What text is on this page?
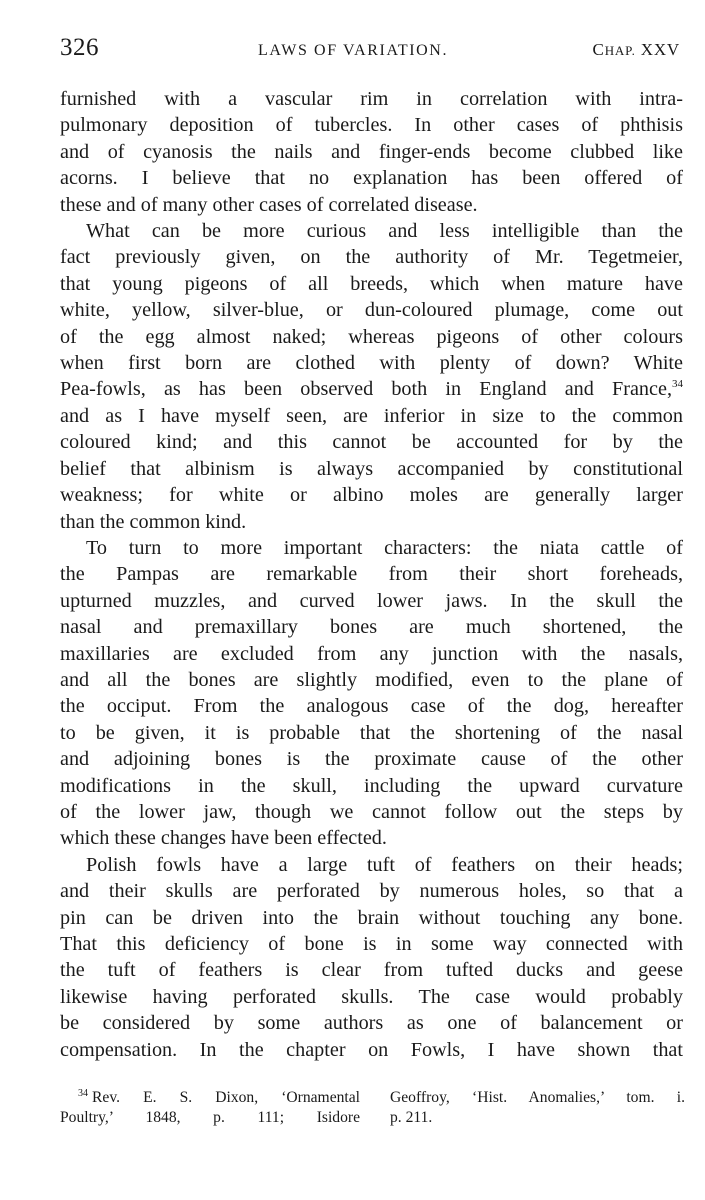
326	LAWS OF VARIATION.	CHAP. XXV
furnished with a vascular rim in correlation with intra-
pulmonary deposition of tubercles. In other cases of phthisis
and of cyanosis the nails and finger-ends become clubbed like
acorns. I believe that no explanation has been offered of
these and of many other cases of correlated disease.
What can be more curious and less intelligible than the
fact previously given, on the authority of Mr. Tegetmeier,
that young pigeons of all breeds, which when mature have
white, yellow, silver-blue, or dun-coloured plumage, come out
of the egg almost naked; whereas pigeons of other colours
when first born are clothed with plenty of down? White
Pea-fowls, as has been observed both in England and France,$^{34}$
and as I have myself seen, are inferior in size to the common
coloured kind; and this cannot be accounted for by the
belief that albinism is always accompanied by constitutional
weakness; for white or albino moles are generally larger
than the common kind.
To turn to more important characters: the niata cattle of
the Pampas are remarkable from their short foreheads,
upturned muzzles, and curved lower jaws. In the skull the
nasal and premaxillary bones are much shortened, the
maxillaries are excluded from any junction with the nasals,
and all the bones are slightly modified, even to the plane of
the occiput. From the analogous case of the dog, hereafter
to be given, it is probable that the shortening of the nasal
and adjoining bones is the proximate cause of the other
modifications in the skull, including the upward curvature
of the lower jaw, though we cannot follow out the steps by
which these changes have been effected.
Polish fowls have a large tuft of feathers on their heads;
and their skulls are perforated by numerous holes, so that a
pin can be driven into the brain without touching any bone.
That this deficiency of bone is in some way connected with
the tuft of feathers is clear from tufted ducks and geese
likewise having perforated skulls. The case would probably
be considered by some authors as one of balancement or
compensation. In the chapter on Fowls, I have shown that
$^{34}$ Rev. E. S. Dixon, ‘Ornamental
Poultry,’ 1848, p. 111; Isidore
Geoffroy, ‘Hist. Anomalies,’ tom. i.
p. 211.
